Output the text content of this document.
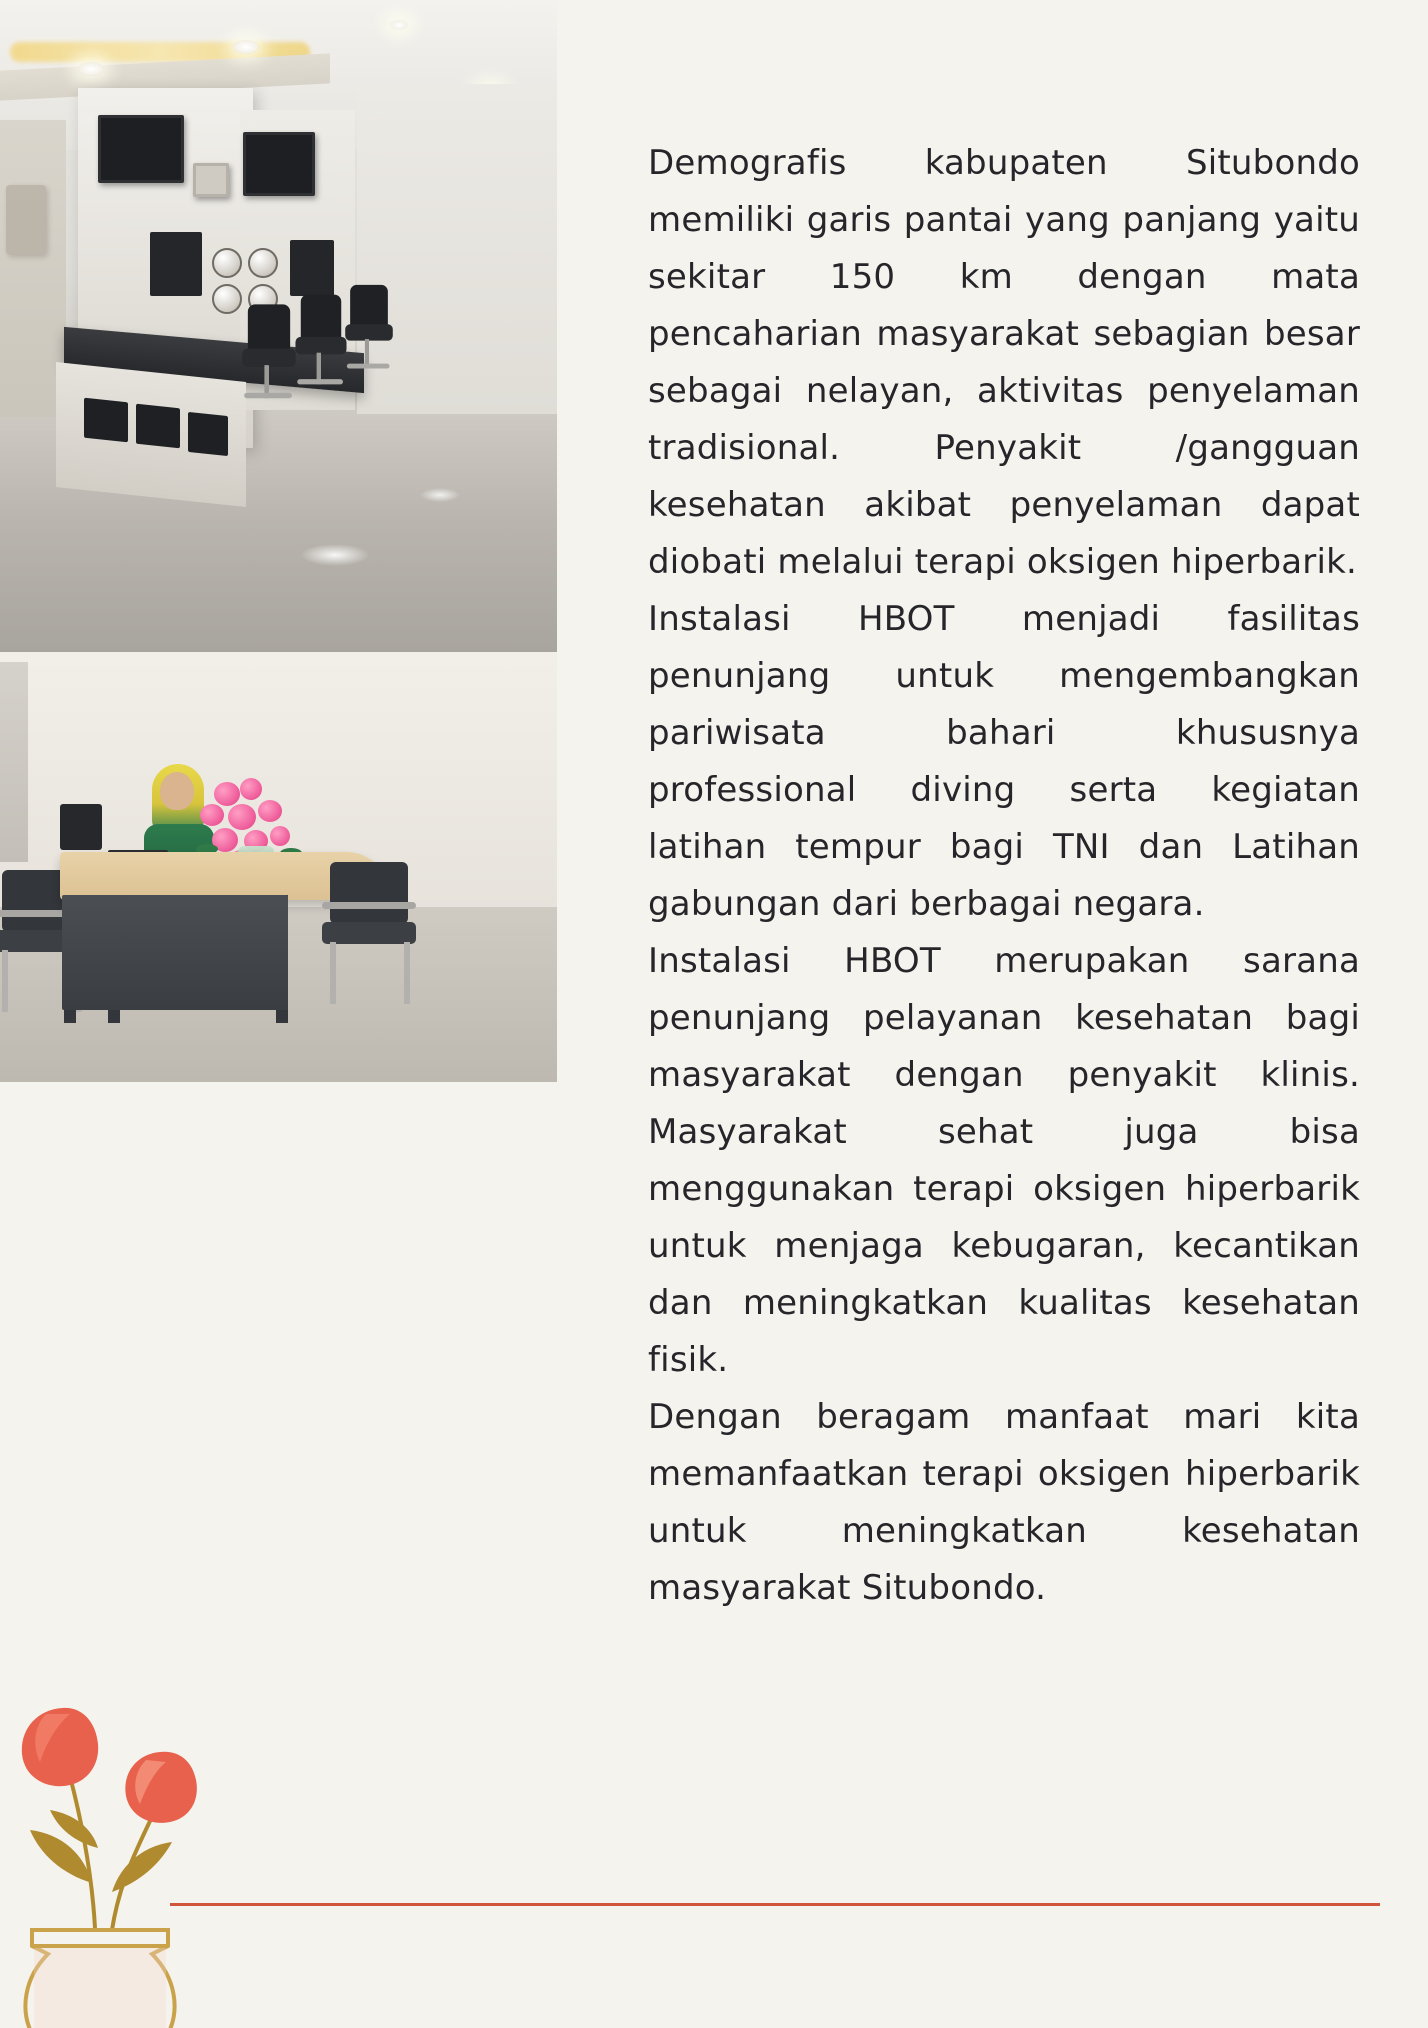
Demografis kabupaten Situbondo memiliki garis pantai yang panjang yaitu sekitar 150 km dengan mata pencaharian masyarakat sebagian besar sebagai nelayan, aktivitas penyelaman tradisional. Penyakit /gangguan kesehatan akibat penyelaman dapat diobati melalui terapi oksigen hiperbarik.

Instalasi HBOT menjadi fasilitas penunjang untuk mengembangkan pariwisata bahari khususnya professional diving serta kegiatan latihan tempur bagi TNI dan Latihan gabungan dari berbagai negara.

Instalasi HBOT merupakan sarana penunjang pelayanan kesehatan bagi masyarakat dengan penyakit klinis. Masyarakat sehat juga bisa menggunakan terapi oksigen hiperbarik untuk menjaga kebugaran, kecantikan dan meningkatkan kualitas kesehatan fisik.

Dengan beragam manfaat mari kita memanfaatkan terapi oksigen hiperbarik untuk meningkatkan kesehatan masyarakat Situbondo.
